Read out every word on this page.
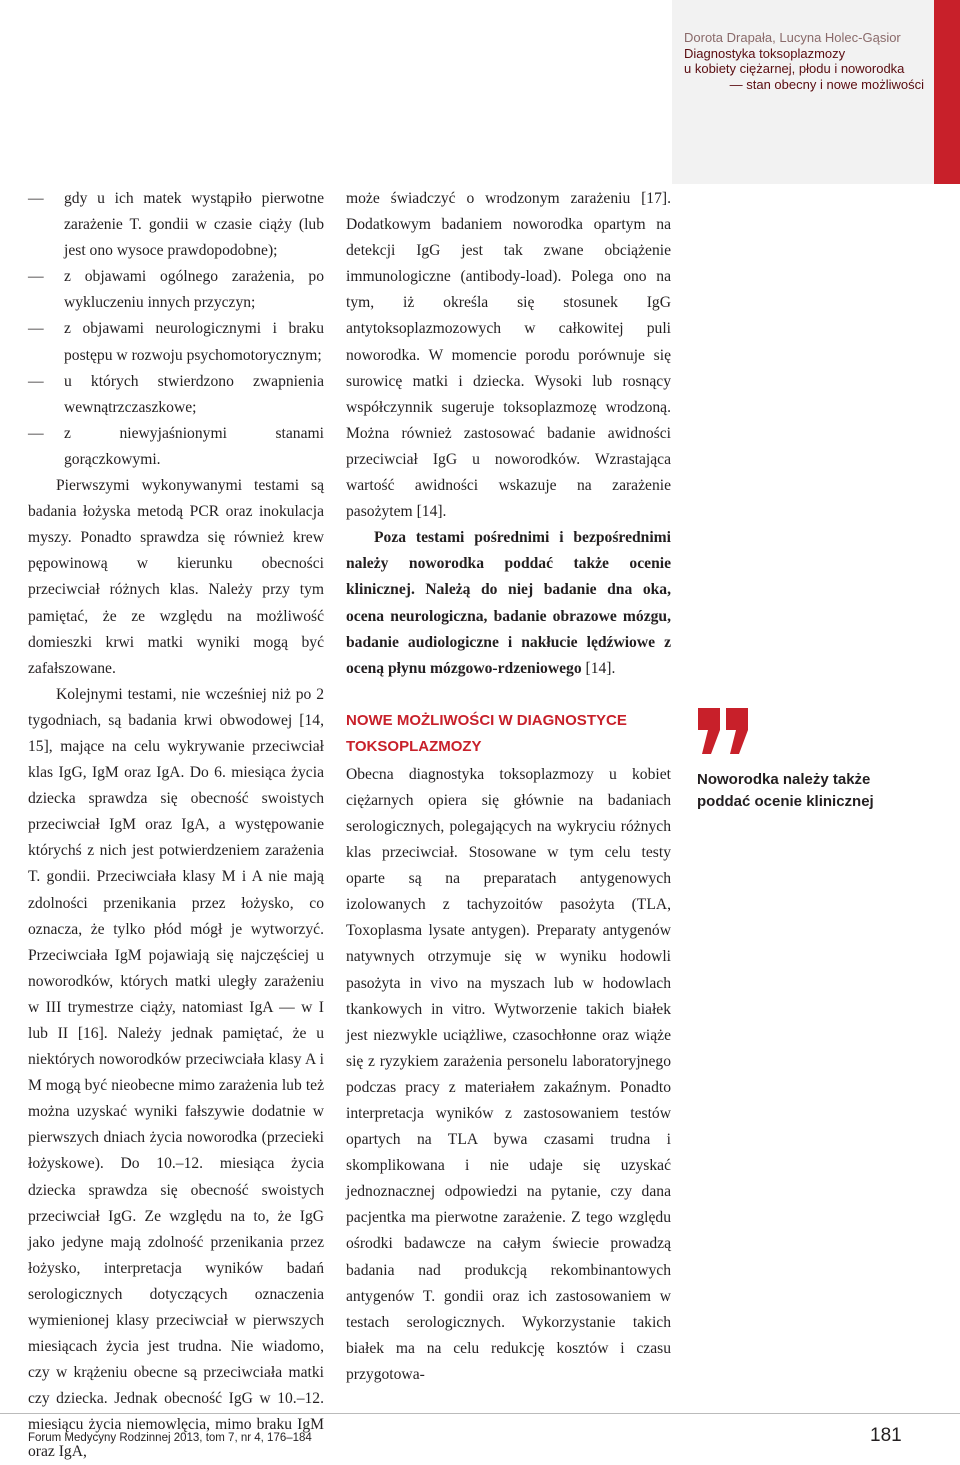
Dorota Drapała, Lucyna Holec-Gąsior
Diagnostyka toksoplazmozy
u kobiety ciężarnej, płodu i noworodka
— stan obecny i nowe możliwości
—	gdy u ich matek wystąpiło pierwotne zarażenie T. gondii w czasie ciąży (lub jest ono wysoce prawdopodobne);
—	z objawami ogólnego zarażenia, po wykluczeniu innych przyczyn;
—	z objawami neurologicznymi i braku postępu w rozwoju psychomotorycznym;
—	u których stwierdzono zwapnienia wewnątrzczaszkowe;
—	z niewyjaśnionymi stanami gorączkowymi.

Pierwszymi wykonywanymi testami są badania łożyska metodą PCR oraz inokulacja myszy. Ponadto sprawdza się również krew pępowinową w kierunku obecności przeciwciał różnych klas. Należy przy tym pamiętać, że ze względu na możliwość domieszki krwi matki wyniki mogą być zafałszowane.

Kolejnymi testami, nie wcześniej niż po 2 tygodniach, są badania krwi obwodowej [14, 15], mające na celu wykrywanie przeciwciał klas IgG, IgM oraz IgA. Do 6. miesiąca życia dziecka sprawdza się obecność swoistych przeciwciał IgM oraz IgA, a występowanie którychś z nich jest potwierdzeniem zarażenia T. gondii. Przeciwciała klasy M i A nie mają zdolności przenikania przez łożysko, co oznacza, że tylko płód mógł je wytworzyć. Przeciwciała IgM pojawiają się najczęściej u noworodków, których matki uległy zarażeniu w III trymestrze ciąży, natomiast IgA — w I lub II [16]. Należy jednak pamiętać, że u niektórych noworodków przeciwciała klasy A i M mogą być nieobecne mimo zarażenia lub też można uzyskać wyniki fałszywie dodatnie w pierwszych dniach życia noworodka (przecieki łożyskowe). Do 10.–12. miesiąca życia dziecka sprawdza się obecność swoistych przeciwciał IgG. Ze względu na to, że IgG jako jedyne mają zdolność przenikania przez łożysko, interpretacja wyników badań serologicznych dotyczących oznaczenia wymienionej klasy przeciwciał w pierwszych miesiącach życia jest trudna. Nie wiadomo, czy w krążeniu obecne są przeciwciała matki czy dziecka. Jednak obecność IgG w 10.–12. miesiącu życia niemowlęcia, mimo braku IgM oraz IgA,

może świadczyć o wrodzonym zarażeniu [17]. Dodatkowym badaniem noworodka opartym na detekcji IgG jest tak zwane obciążenie immunologiczne (antibody-load). Polega ono na tym, iż określa się stosunek IgG antytoksoplazmozowych w całkowitej puli noworodka. W momencie porodu porównuje się surowicę matki i dziecka. Wysoki lub rosnący współczynnik sugeruje toksoplazmozę wrodzoną. Można również zastosować badanie awidności przeciwciał IgG u noworodków. Wzrastająca wartość awidności wskazuje na zarażenie pasożytem [14].

Poza testami pośrednimi i bezpośrednimi należy noworodka poddać także ocenie klinicznej. Należą do niej badanie dna oka, ocena neurologiczna, badanie obrazowe mózgu, badanie audiologiczne i nakłucie lędźwiowe z oceną płynu mózgowo-rdzeniowego [14].

NOWE MOŻLIWOŚCI W DIAGNOSTYCE TOKSOPLAZMOZY

Obecna diagnostyka toksoplazmozy u kobiet ciężarnych opiera się głównie na badaniach serologicznych, polegających na wykryciu różnych klas przeciwciał. Stosowane w tym celu testy oparte są na preparatach antygenowych izolowanych z tachyzoitów pasożyta (TLA, Toxoplasma lysate antygen). Preparaty antygenów natywnych otrzymuje się w wyniku hodowli pasożyta in vivo na myszach lub w hodowlach tkankowych in vitro. Wytworzenie takich białek jest niezwykle uciążliwe, czasochłonne oraz wiąże się z ryzykiem zarażenia personelu laboratoryjnego podczas pracy z materiałem zakaźnym. Ponadto interpretacja wyników z zastosowaniem testów opartych na TLA bywa czasami trudna i skomplikowana i nie udaje się uzyskać jednoznacznej odpowiedzi na pytanie, czy dana pacjentka ma pierwotne zarażenie. Z tego względu ośrodki badawcze na całym świecie prowadzą badania nad produkcją rekombinantowych antygenów T. gondii oraz ich zastosowaniem w testach serologicznych. Wykorzystanie takich białek ma na celu redukcję kosztów i czasu przygotowa-

Noworodka należy także poddać ocenie klinicznej
Forum Medycyny Rodzinnej 2013, tom 7, nr 4, 176–184	181
